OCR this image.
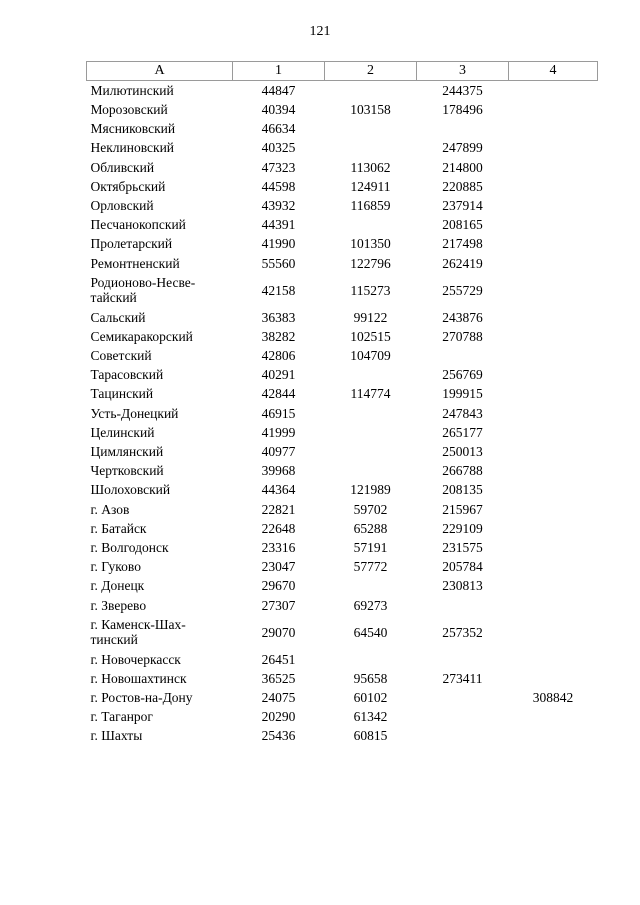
121
А	1	2	3	4
Милютинский	44847		244375	
Морозовский	40394	103158	178496	
Мясниковский	46634			
Неклиновский	40325		247899	
Обливский	47323	113062	214800	
Октябрьский	44598	124911	220885	
Орловский	43932	116859	237914	
Песчанокопский	44391		208165	
Пролетарский	41990	101350	217498	
Ремонтненский	55560	122796	262419	
Родионово-Несве-тайский	42158	115273	255729	
Сальский	36383	99122	243876	
Семикаракорский	38282	102515	270788	
Советский	42806	104709		
Тарасовский	40291		256769	
Тацинский	42844	114774	199915	
Усть-Донецкий	46915		247843	
Целинский	41999		265177	
Цимлянский	40977		250013	
Чертковский	39968		266788	
Шолоховский	44364	121989	208135	
г. Азов	22821	59702	215967	
г. Батайск	22648	65288	229109	
г. Волгодонск	23316	57191	231575	
г. Гуково	23047	57772	205784	
г. Донецк	29670		230813	
г. Зверево	27307	69273		
г. Каменск-Шах-тинский	29070	64540	257352	
г. Новочеркасск	26451			
г. Новошахтинск	36525	95658	273411	
г. Ростов-на-Дону	24075	60102		308842
г. Таганрог	20290	61342		
г. Шахты	25436	60815		
